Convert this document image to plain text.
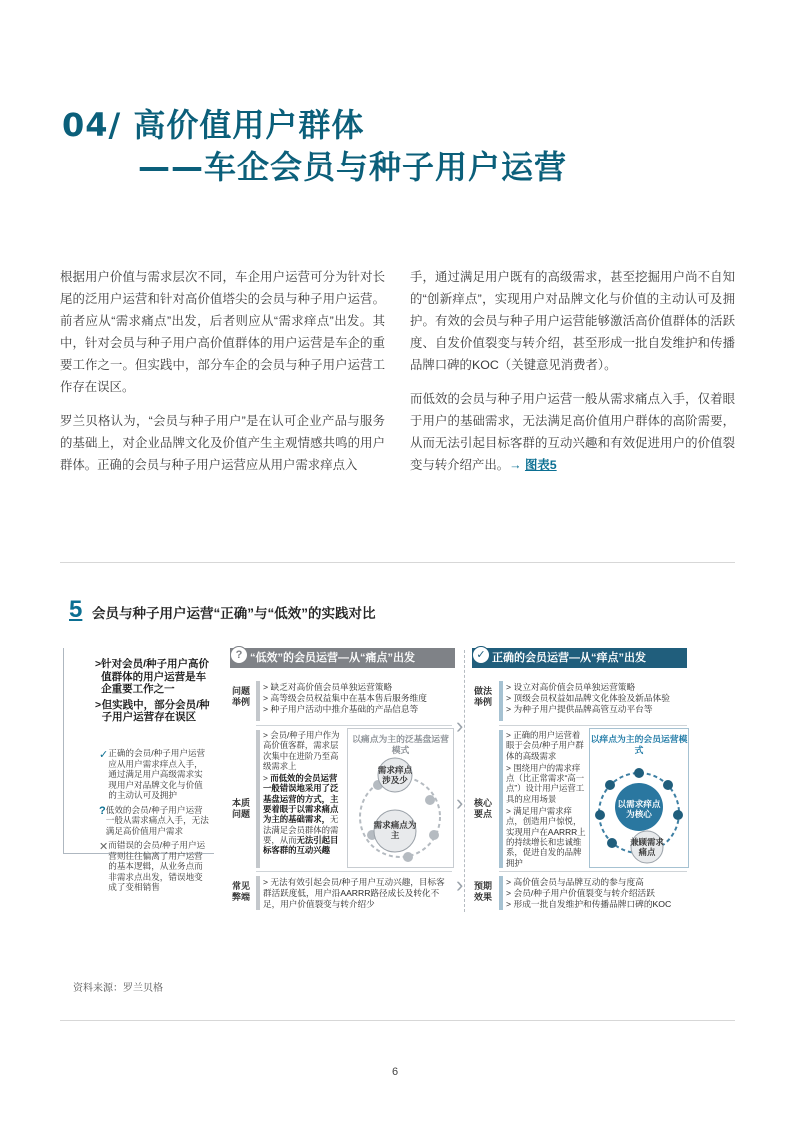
04/ 高价值用户群体
——车企会员与种子用户运营

根据用户价值与需求层次不同，车企用户运营可分为针对长尾的泛用户运营和针对高价值塔尖的会员与种子用户运营。前者应从“需求痛点”出发，后者则应从“需求痒点”出发。其中，针对会员与种子用户高价值群体的用户运营是车企的重要工作之一。但实践中，部分车企的会员与种子用户运营工作存在误区。

罗兰贝格认为，“会员与种子用户”是在认可企业产品与服务的基础上，对企业品牌文化及价值产生主观情感共鸣的用户群体。正确的会员与种子用户运营应从用户需求痒点入

手，通过满足用户既有的高级需求，甚至挖掘用户尚不自知的“创新痒点”，实现用户对品牌文化与价值的主动认可及拥护。有效的会员与种子用户运营能够激活高价值群体的活跃度、自发价值裂变与转介绍，甚至形成一批自发维护和传播品牌口碑的KOC（关键意见消费者）。

而低效的会员与种子用户运营一般从需求痛点入手，仅着眼于用户的基础需求，无法满足高价值用户群体的高阶需要，从而无法引起目标客群的互动兴趣和有效促进用户的价值裂变与转介绍产出。→ 图表5

5 会员与种子用户运营“正确”与“低效”的实践对比
> 针对会员/种子用户高价值群体的用户运营是车企重要工作之一
> 但实践中，部分会员/种子用户运营存在误区
✓ 正确的会员/种子用户运营应从用户需求痒点入手，通过满足用户高级需求实现用户对品牌文化与价值的主动认可及拥护
? 低效的会员/种子用户运营一般从需求痛点入手，无法满足高价值用户需求
✕ 而错误的会员/种子用户运营则往往偏离了用户运营的基本逻辑，从业务点而非需求点出发，错误地变成了变相销售
“低效”的会员运营—从“痛点”出发
?
问题举例
> 缺乏对高价值会员单独运营策略
> 高等级会员权益集中在基本售后服务维度
> 种子用户活动中推介基础的产品信息等
本质问题
> 会员/种子用户作为高价值客群，需求层次集中在进阶乃至高级需求上
> 而低效的会员运营一般错误地采用了泛基盘运营的方式，主要着眼于以需求痛点为主的基础需求，无法满足会员群体的需要，从而无法引起目标客群的互动兴趣
以痛点为主的泛基盘运营模式
需求痒点涉及少
需求痛点为主
常见弊端
> 无法有效引起会员/种子用户互动兴趣，目标客群活跃度低，用户沿AARRR路径成长及转化不足，用户价值裂变与转介绍少
›
›
›
正确的会员运营—从“痒点”出发
✓
做法举例
> 设立对高价值会员单独运营策略
> 顶级会员权益如品牌文化体验及新品体验
> 为种子用户提供品牌高管互动平台等
核心要点
> 正确的用户运营着眼于会员/种子用户群体的高级需求
> 围绕用户的需求痒点（比正常需求“高一点”）设计用户运营工具的应用场景
> 满足用户需求痒点，创造用户惊悦，实现用户在AARRR上的持续增长和忠诚维系，促进自发的品牌拥护
以痒点为主的会员运营模式
以需求痒点为核心
兼顾需求痛点
预期效果
> 高价值会员与品牌互动的参与度高
> 会员/种子用户价值裂变与转介绍活跃
> 形成一批自发维护和传播品牌口碑的KOC
资料来源：罗兰贝格
6
